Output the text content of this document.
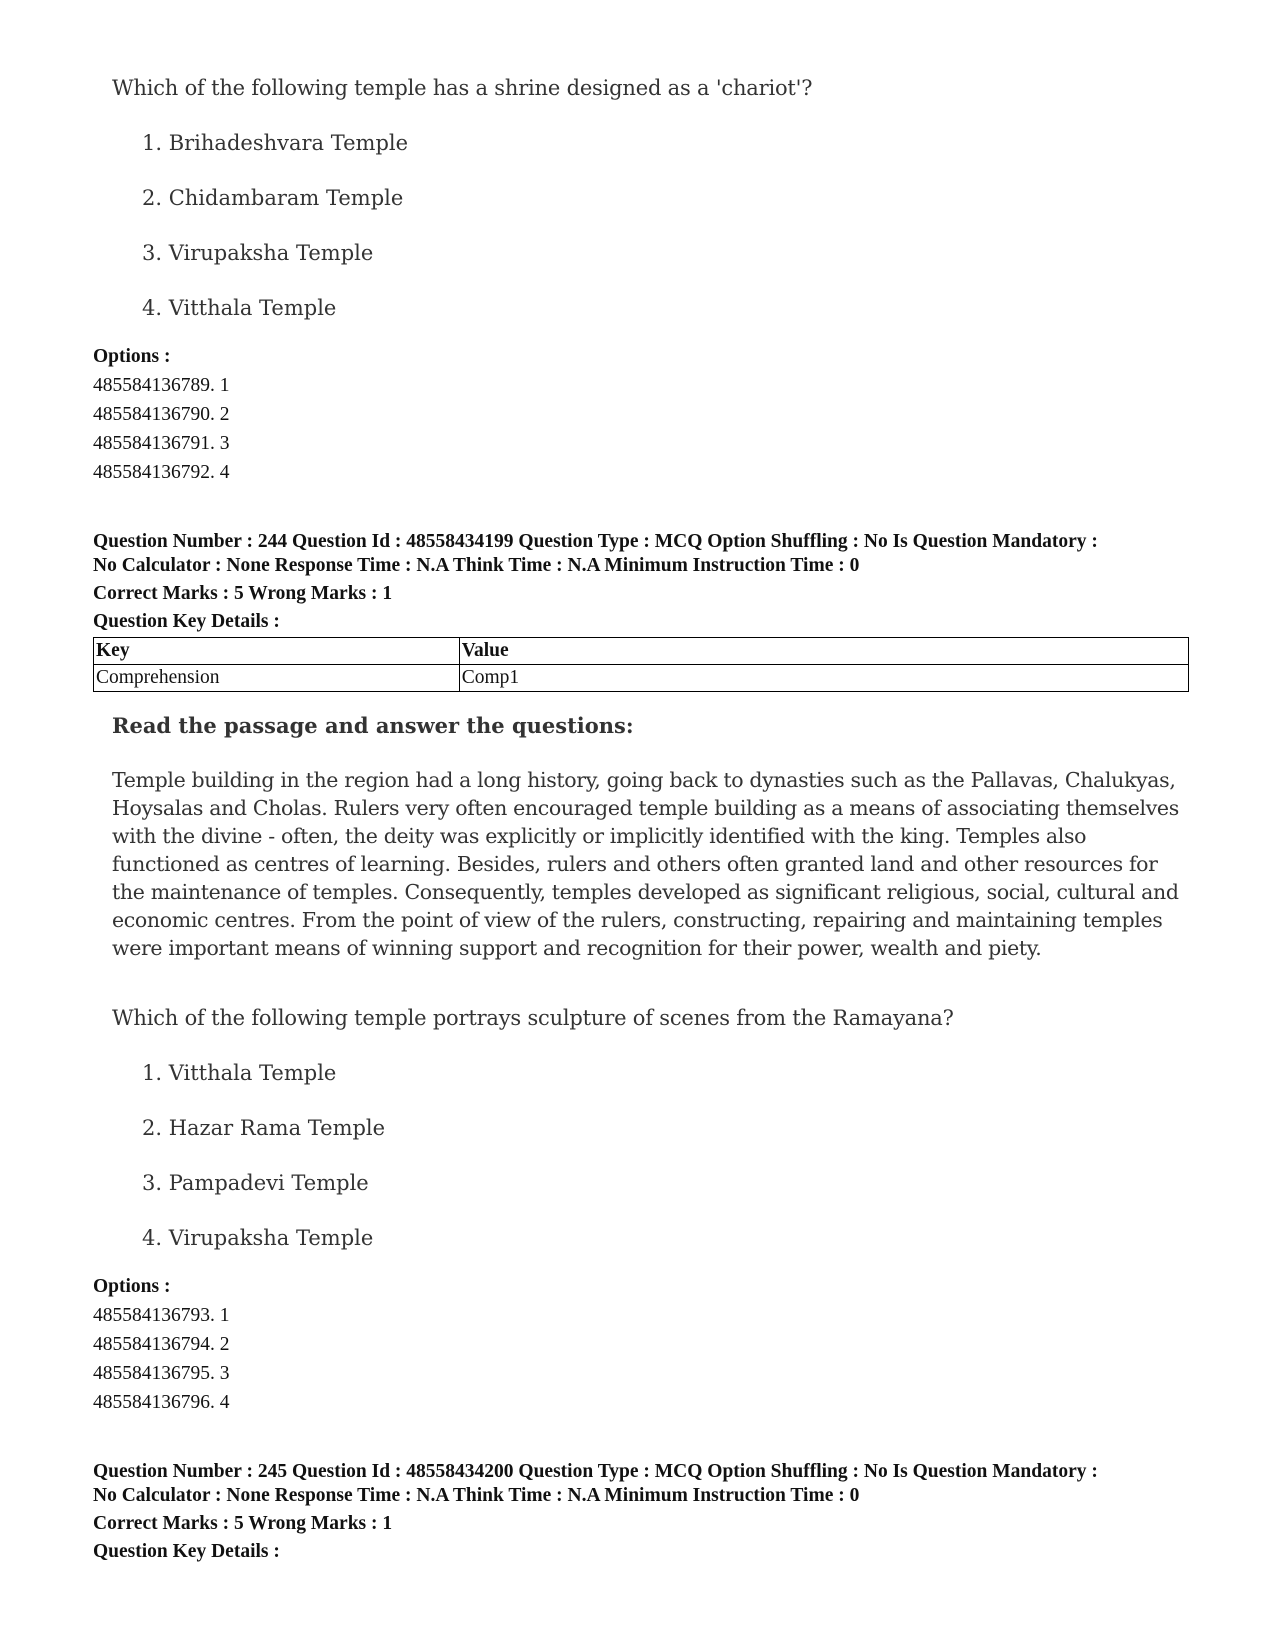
Which of the following temple has a shrine designed as a 'chariot'?
1. Brihadeshvara Temple
2. Chidambaram Temple
3. Virupaksha Temple
4. Vitthala Temple
Options :
485584136789. 1
485584136790. 2
485584136791. 3
485584136792. 4
Question Number : 244 Question Id : 48558434199 Question Type : MCQ Option Shuffling : No Is Question Mandatory :
No Calculator : None Response Time : N.A Think Time : N.A Minimum Instruction Time : 0
Correct Marks : 5 Wrong Marks : 1
Question Key Details :
Key	Value
Comprehension	Comp1
Read the passage and answer the questions:

Temple building in the region had a long history, going back to dynasties such as the Pallavas, Chalukyas, Hoysalas and Cholas. Rulers very often encouraged temple building as a means of associating themselves with the divine - often, the deity was explicitly or implicitly identified with the king. Temples also functioned as centres of learning. Besides, rulers and others often granted land and other resources for the maintenance of temples. Consequently, temples developed as significant religious, social, cultural and economic centres. From the point of view of the rulers, constructing, repairing and maintaining temples were important means of winning support and recognition for their power, wealth and piety.

Which of the following temple portrays sculpture of scenes from the Ramayana?
1. Vitthala Temple
2. Hazar Rama Temple
3. Pampadevi Temple
4. Virupaksha Temple
Options :
485584136793. 1
485584136794. 2
485584136795. 3
485584136796. 4
Question Number : 245 Question Id : 48558434200 Question Type : MCQ Option Shuffling : No Is Question Mandatory :
No Calculator : None Response Time : N.A Think Time : N.A Minimum Instruction Time : 0
Correct Marks : 5 Wrong Marks : 1
Question Key Details :
